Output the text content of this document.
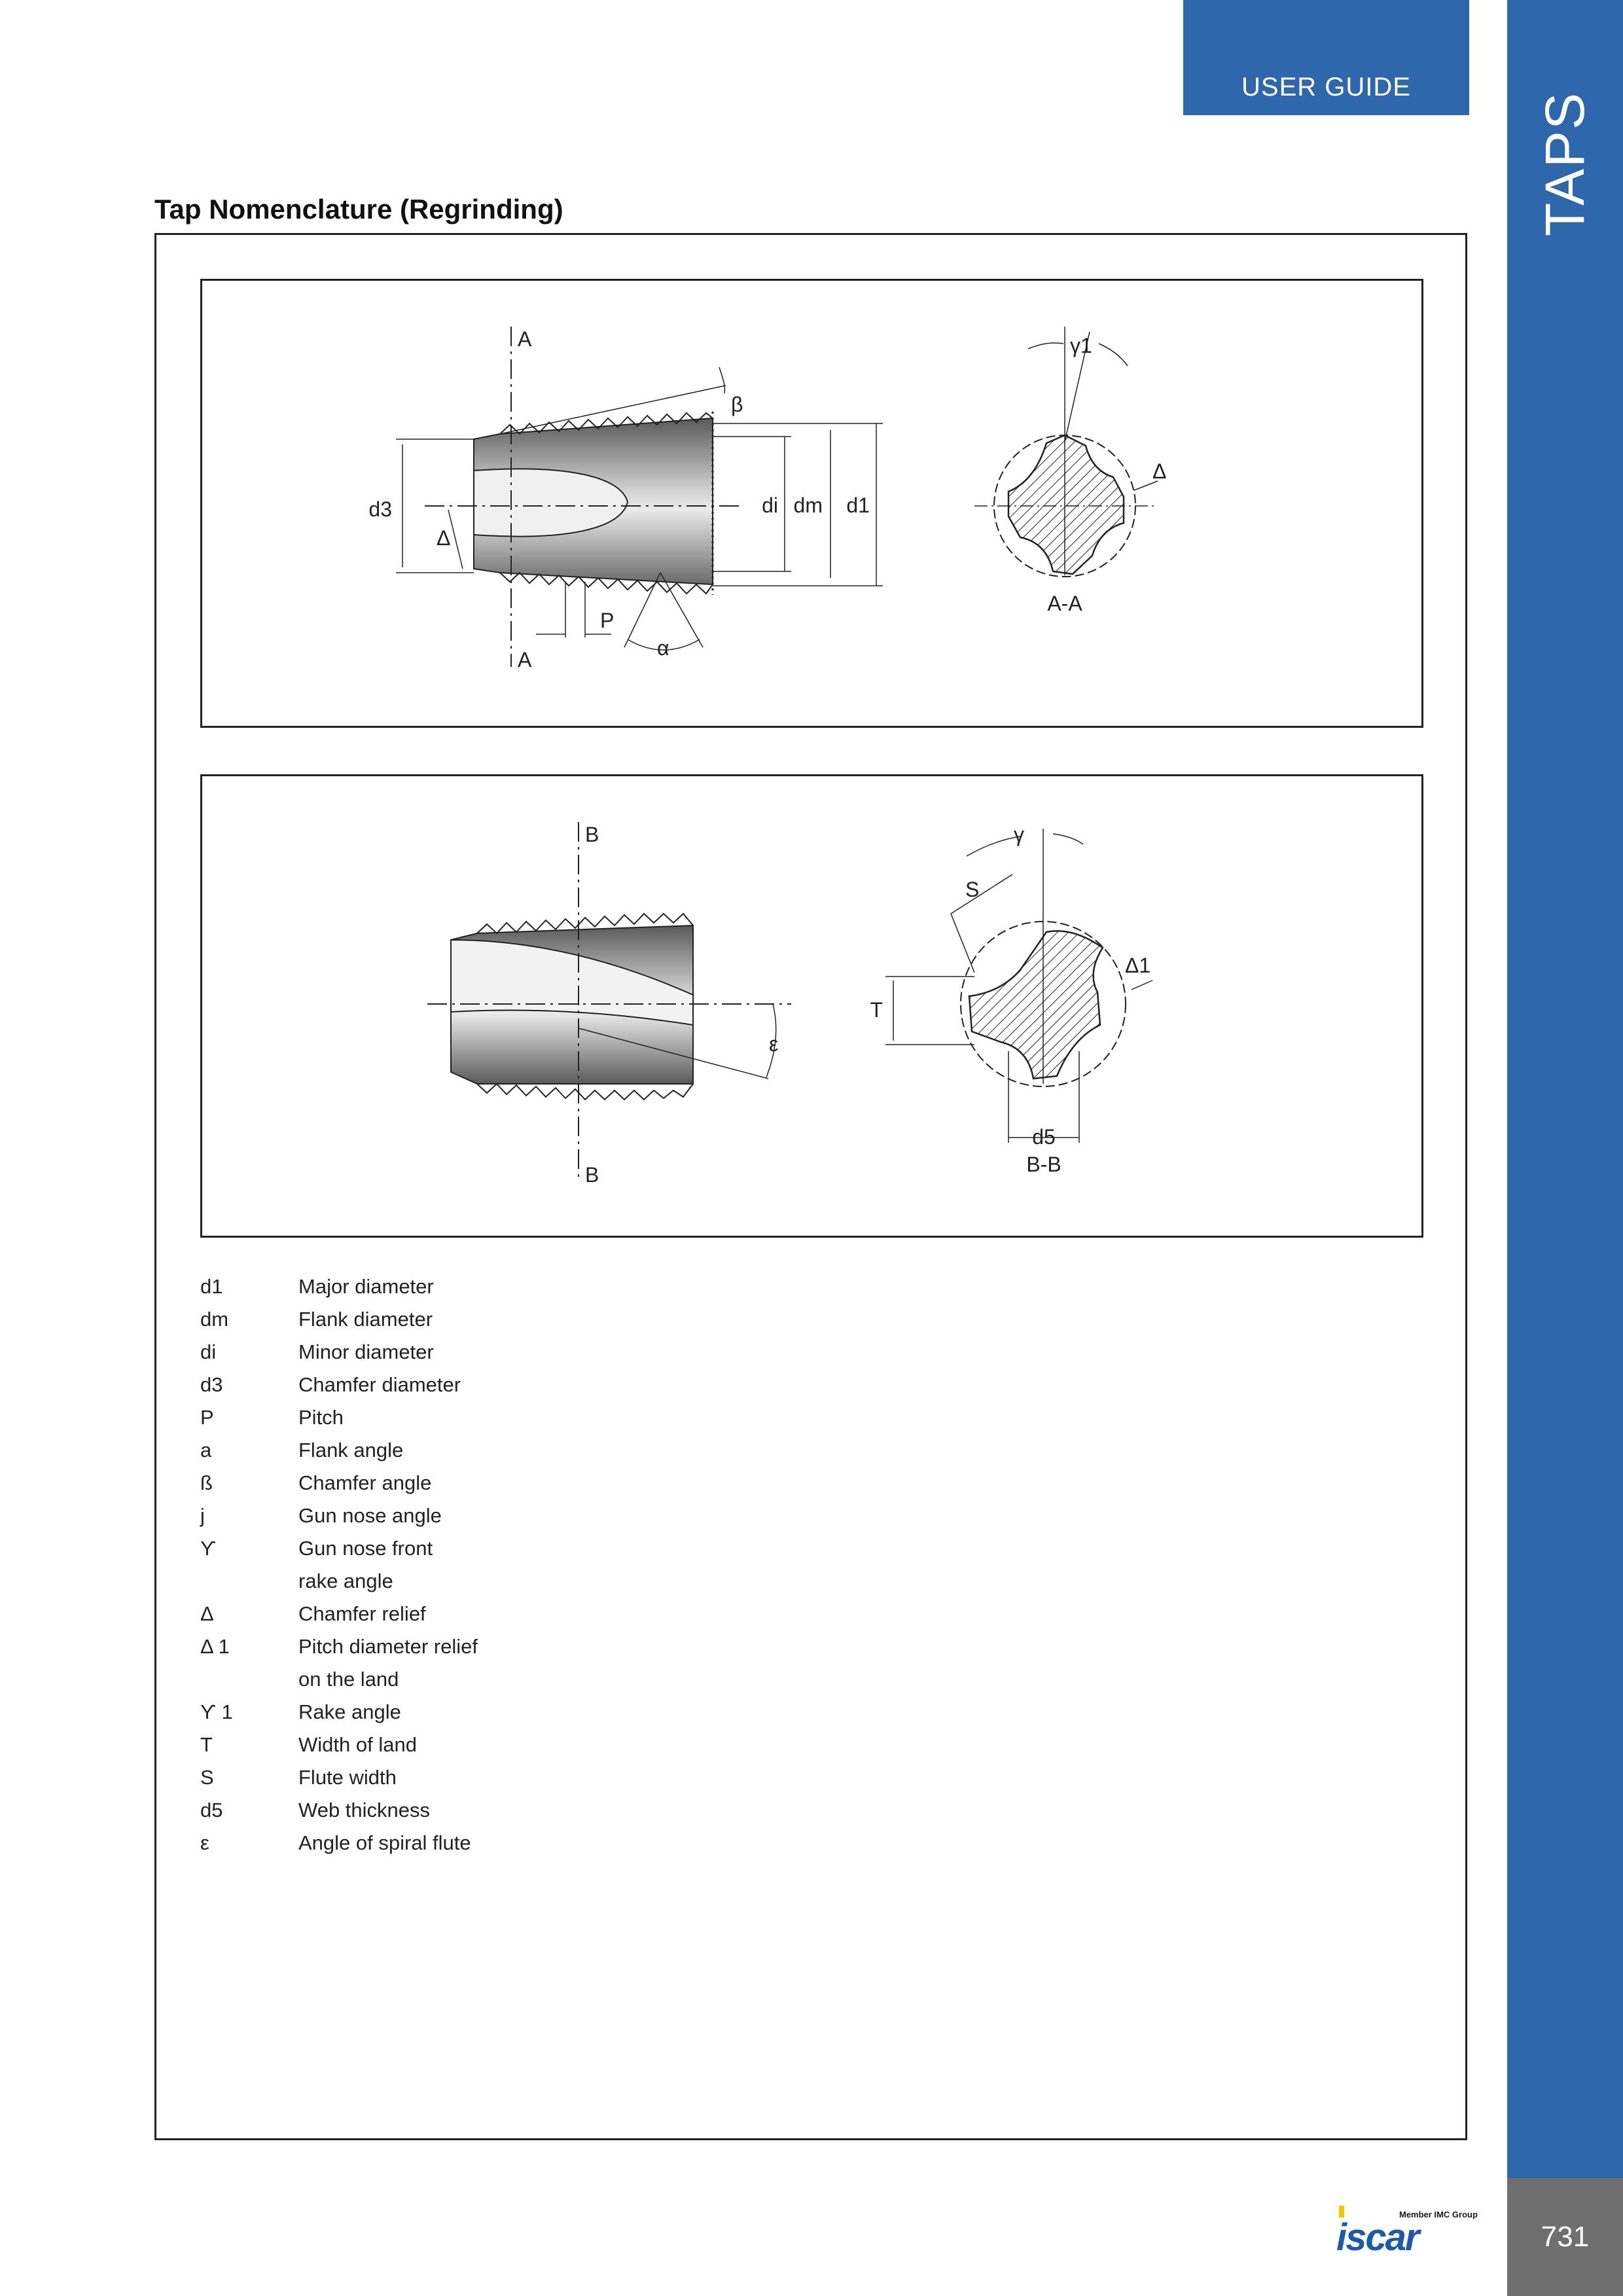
TAPS
USER GUIDE
731
Tap Nomenclature (Regrinding)
A
A
d3
Δ
β
di dm d1
P
α
γ1
Δ
A-A
B
B
ε
γ
S
T
Δ1
d5
B-B
d1	Major diameter
dm	Flank diameter
di	Minor diameter
d3	Chamfer diameter
P	Pitch
a	Flank angle
ß	Chamfer angle
j	Gun nose angle
ϒ	Gun nose front
rake angle
Δ	Chamfer relief
Δ 1	Pitch diameter relief
on the land
ϒ 1	Rake angle
T	Width of land
S	Flute width
d5	Web thickness
ε	Angle of spiral flute
Member IMC Group
iscar
